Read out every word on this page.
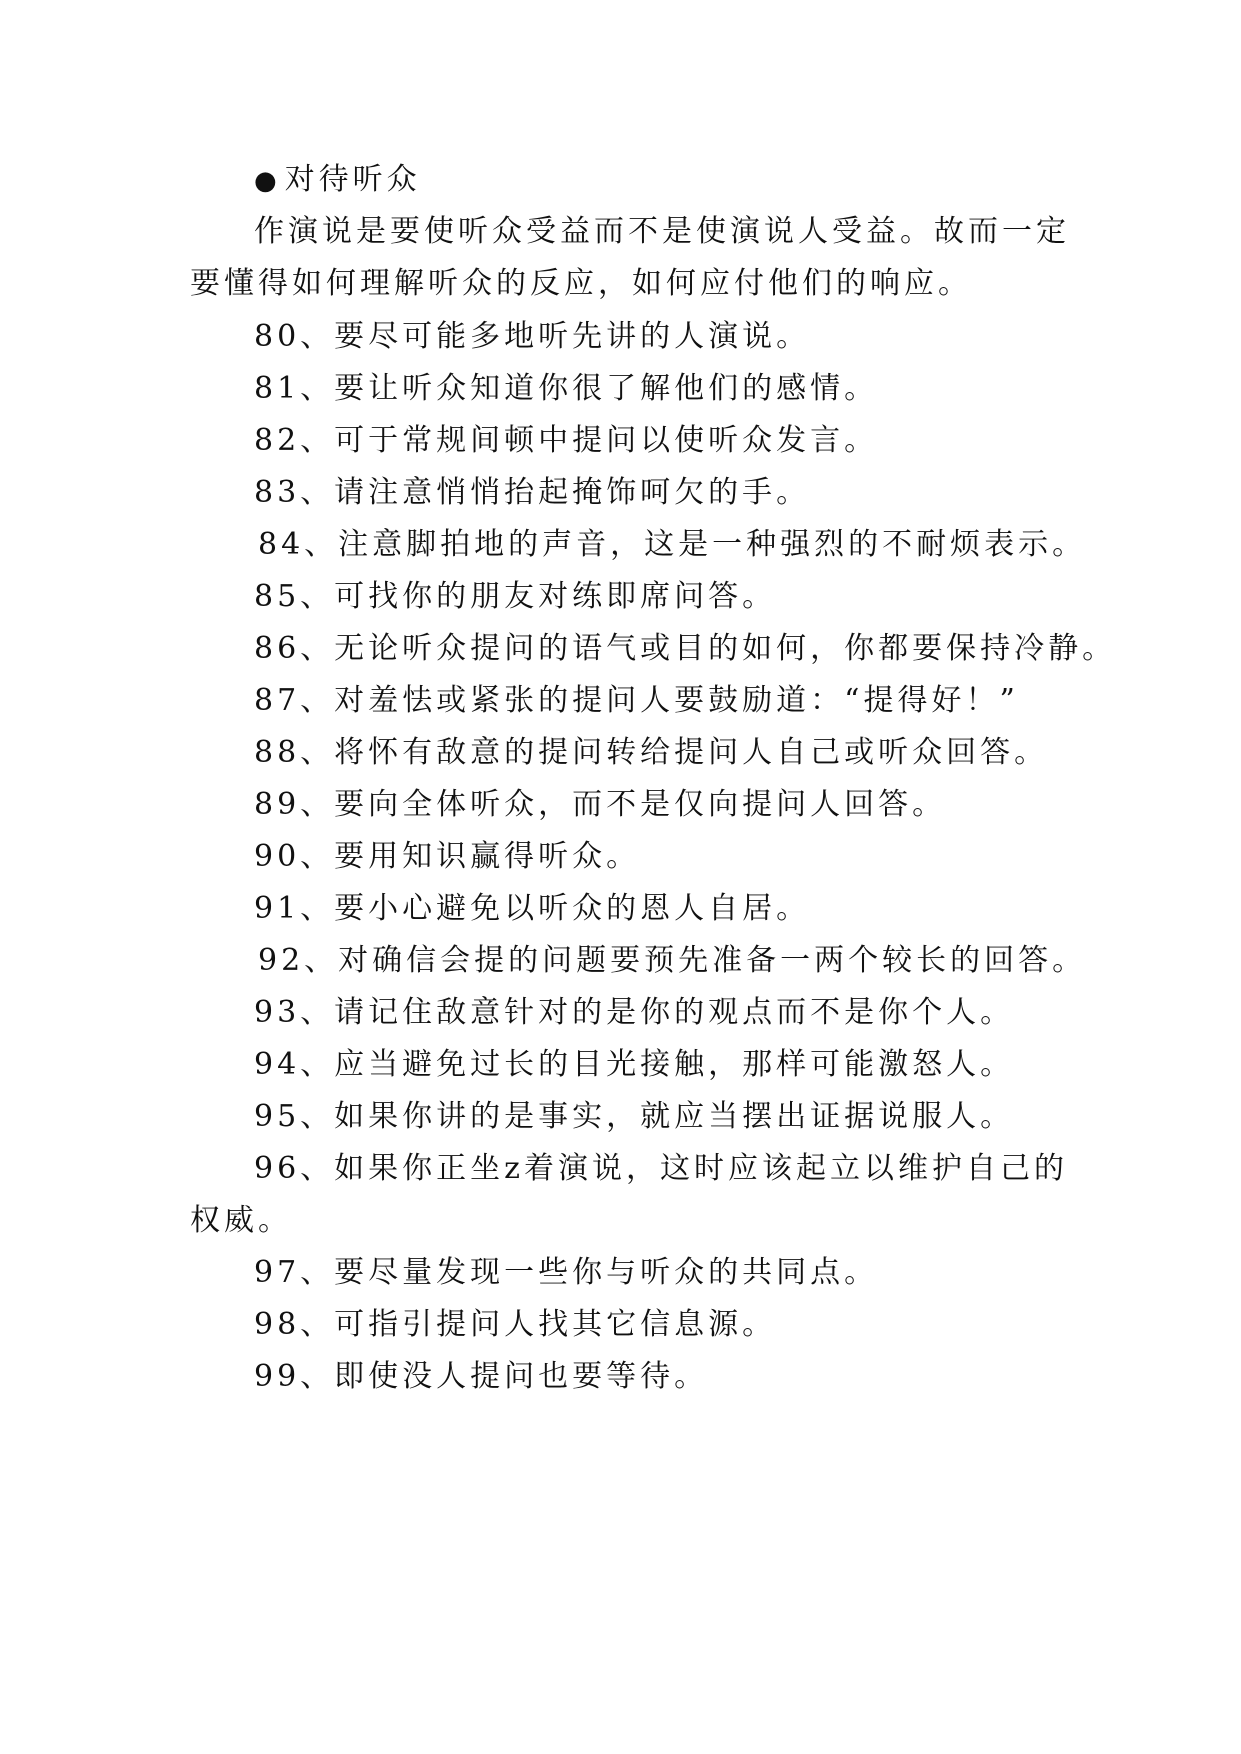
● 对待听众
作演说是要使听众受益而不是使演说人受益。故而一定
要懂得如何理解听众的反应，如何应付他们的响应。
80、要尽可能多地听先讲的人演说。
81、要让听众知道你很了解他们的感情。
82、可于常规间顿中提问以使听众发言。
83、请注意悄悄抬起掩饰呵欠的手。
84、注意脚拍地的声音，这是一种强烈的不耐烦表示。
85、可找你的朋友对练即席问答。
86、无论听众提问的语气或目的如何，你都要保持冷静。
87、对羞怯或紧张的提问人要鼓励道：“提得好！”
88、将怀有敌意的提问转给提问人自己或听众回答。
89、要向全体听众，而不是仅向提问人回答。
90、要用知识赢得听众。
91、要小心避免以听众的恩人自居。
92、对确信会提的问题要预先准备一两个较长的回答。
93、请记住敌意针对的是你的观点而不是你个人。
94、应当避免过长的目光接触，那样可能激怒人。
95、如果你讲的是事实，就应当摆出证据说服人。
96、如果你正坐z着演说，这时应该起立以维护自己的
权威。
97、要尽量发现一些你与听众的共同点。
98、可指引提问人找其它信息源。
99、即使没人提问也要等待。
